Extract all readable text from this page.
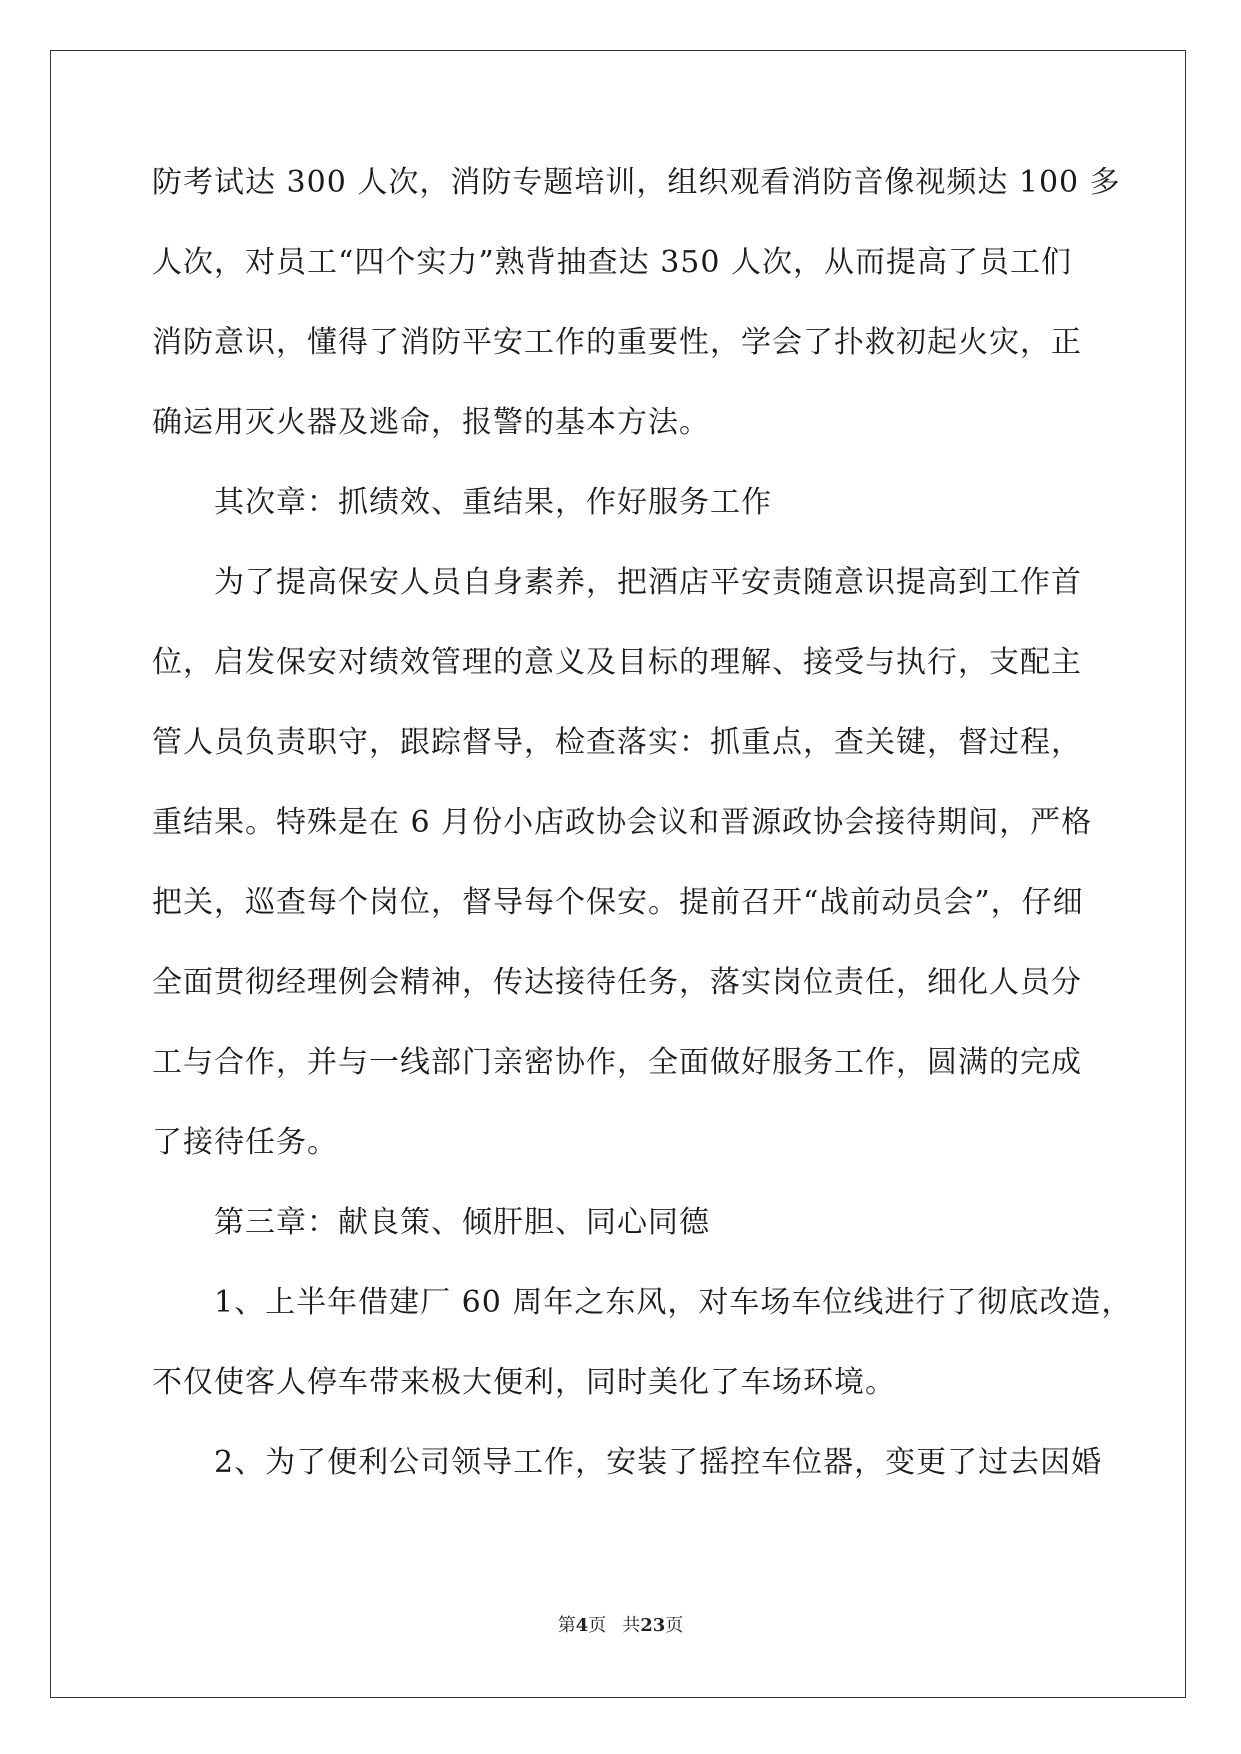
防考试达 300 人次，消防专题培训，组织观看消防音像视频达 100 多
人次，对员工“四个实力”熟背抽查达 350 人次，从而提高了员工们
消防意识，懂得了消防平安工作的重要性，学会了扑救初起火灾，正
确运用灭火器及逃命，报警的基本方法。
其次章：抓绩效、重结果，作好服务工作
为了提高保安人员自身素养，把酒店平安责随意识提高到工作首
位，启发保安对绩效管理的意义及目标的理解、接受与执行，支配主
管人员负责职守，跟踪督导，检查落实：抓重点，查关键，督过程，
重结果。特殊是在 6 月份小店政协会议和晋源政协会接待期间，严格
把关，巡查每个岗位，督导每个保安。提前召开“战前动员会”，仔细
全面贯彻经理例会精神，传达接待任务，落实岗位责任，细化人员分
工与合作，并与一线部门亲密协作，全面做好服务工作，圆满的完成
了接待任务。
第三章：献良策、倾肝胆、同心同德
1、上半年借建厂 60 周年之东风，对车场车位线进行了彻底改造，
不仅使客人停车带来极大便利，同时美化了车场环境。
2、为了便利公司领导工作，安装了摇控车位器，变更了过去因婚
第4页 共23页
